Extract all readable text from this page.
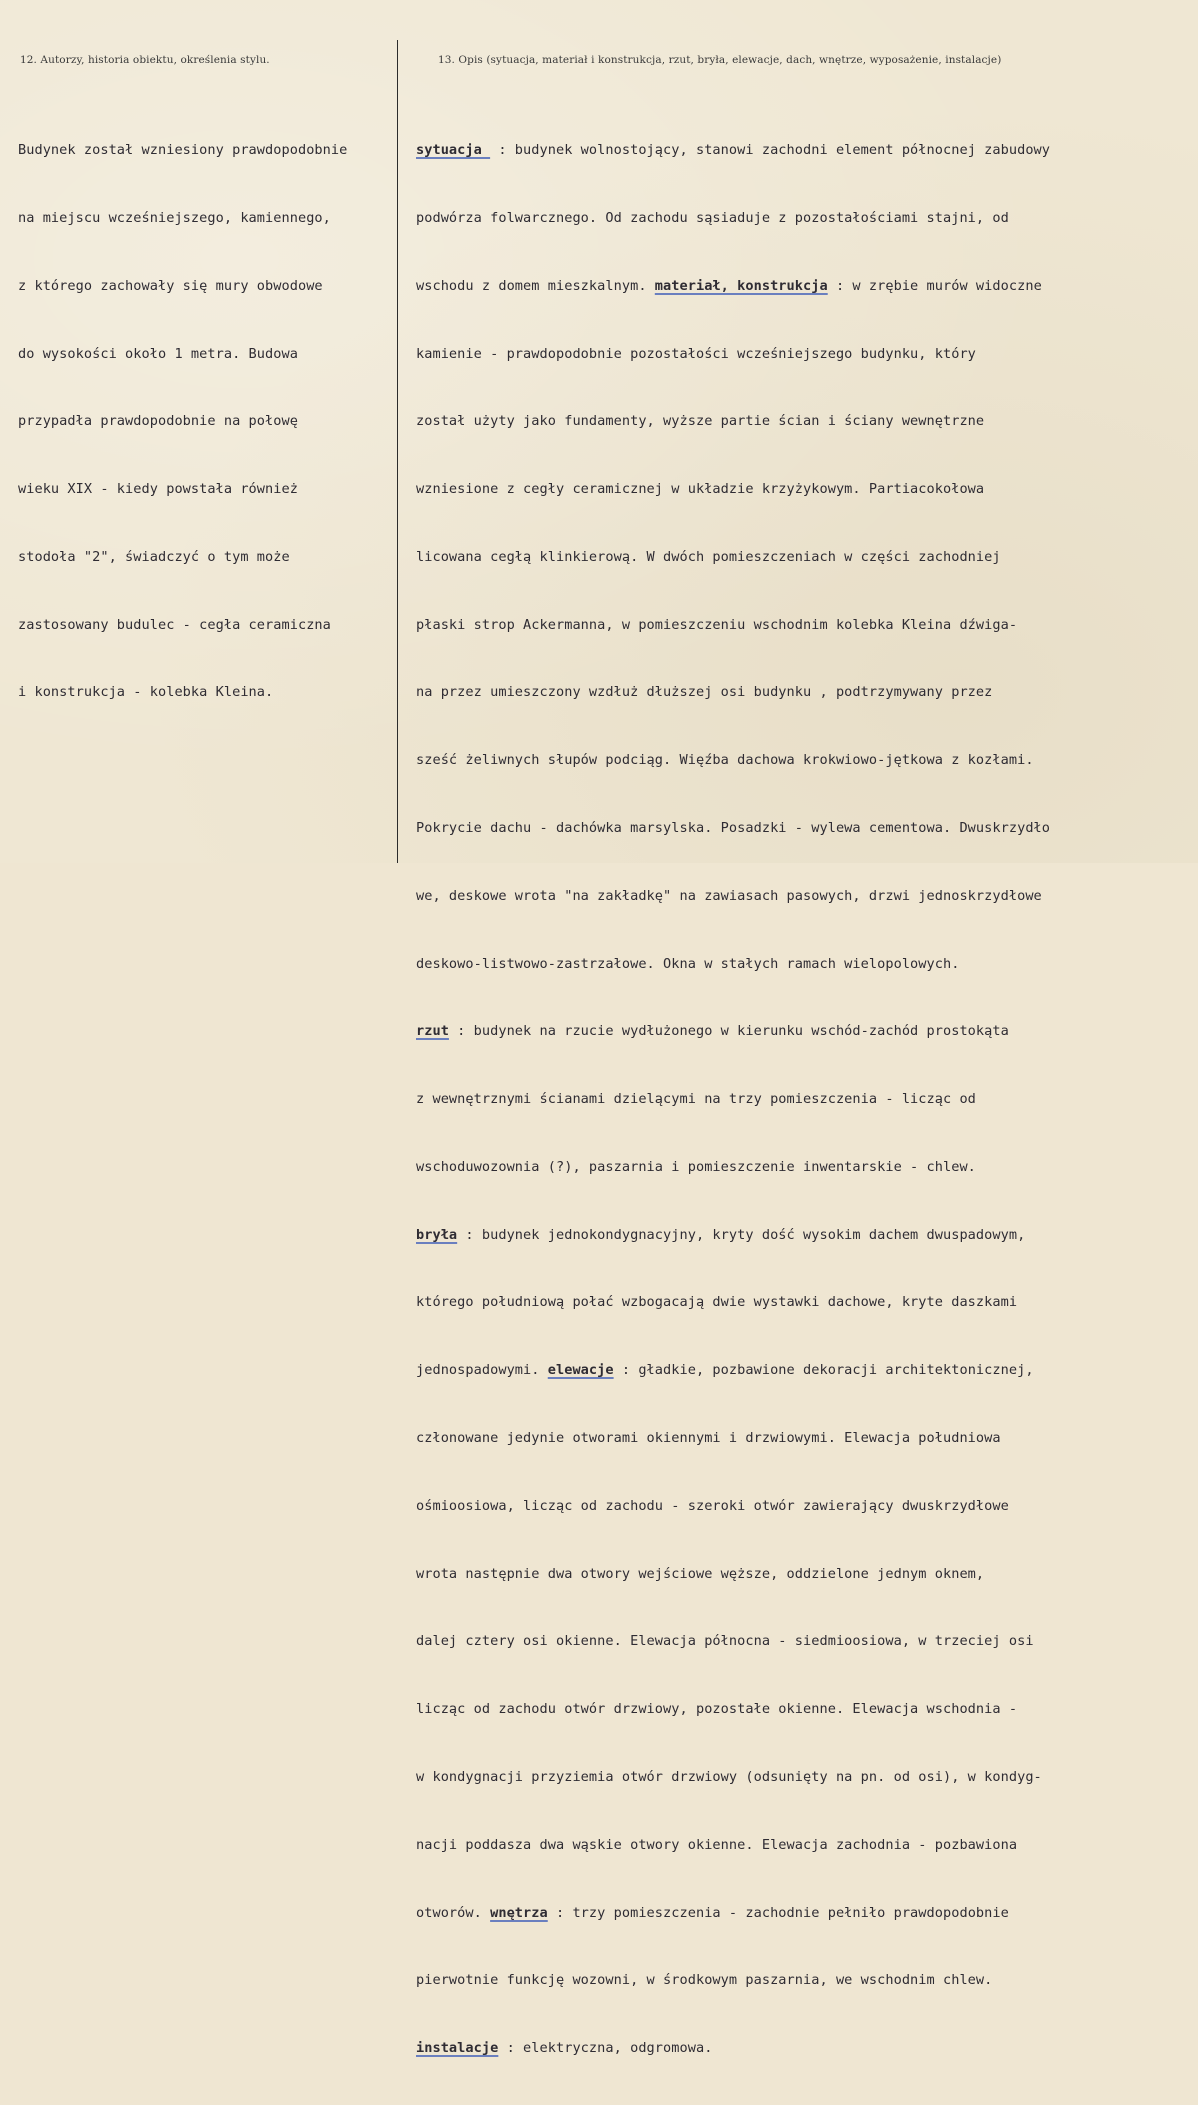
12. Autorzy, historia obiektu, określenia stylu.	13. Opis (sytuacja, materiał i konstrukcja, rzut, bryła, elewacje, dach, wnętrze, wyposażenie, instalacje)

Budynek został wzniesiony prawdopodobnie

na miejscu wcześniejszego, kamiennego,

z którego zachowały się mury obwodowe

do wysokości około 1 metra. Budowa

przypadła prawdopodobnie na połowę

wieku XIX - kiedy powstała również

stodoła "2", świadczyć o tym może

zastosowany budulec - cegła ceramiczna

i konstrukcja - kolebka Kleina.

sytuacja  : budynek wolnostojący, stanowi zachodni element północnej zabudowy

podwórza folwarcznego. Od zachodu sąsiaduje z pozostałościami stajni, od

wschodu z domem mieszkalnym. materiał, konstrukcja : w zrębie murów widoczne

kamienie - prawdopodobnie pozostałości wcześniejszego budynku, który

został użyty jako fundamenty, wyższe partie ścian i ściany wewnętrzne

wzniesione z cegły ceramicznej w układzie krzyżykowym. Partiacokołowa

licowana cegłą klinkierową. W dwóch pomieszczeniach w części zachodniej

płaski strop Ackermanna, w pomieszczeniu wschodnim kolebka Kleina dźwiga-

na przez umieszczony wzdłuż dłuższej osi budynku , podtrzymywany przez

sześć żeliwnych słupów podciąg. Więźba dachowa krokwiowo-jętkowa z kozłami.

Pokrycie dachu - dachówka marsylska. Posadzki - wylewa cementowa. Dwuskrzydło

we, deskowe wrota "na zakładkę" na zawiasach pasowych, drzwi jednoskrzydłowe

deskowo-listwowo-zastrzałowe. Okna w stałych ramach wielopolowych.

rzut : budynek na rzucie wydłużonego w kierunku wschód-zachód prostokąta

z wewnętrznymi ścianami dzielącymi na trzy pomieszczenia - licząc od

wschoduwozownia (?), paszarnia i pomieszczenie inwentarskie - chlew.

bryła : budynek jednokondygnacyjny, kryty dość wysokim dachem dwuspadowym,

którego południową połać wzbogacają dwie wystawki dachowe, kryte daszkami

jednospadowymi. elewacje : gładkie, pozbawione dekoracji architektonicznej,

członowane jedynie otworami okiennymi i drzwiowymi. Elewacja południowa

ośmioosiowa, licząc od zachodu - szeroki otwór zawierający dwuskrzydłowe

wrota następnie dwa otwory wejściowe węższe, oddzielone jednym oknem,

dalej cztery osi okienne. Elewacja północna - siedmioosiowa, w trzeciej osi

licząc od zachodu otwór drzwiowy, pozostałe okienne. Elewacja wschodnia -

w kondygnacji przyziemia otwór drzwiowy (odsunięty na pn. od osi), w kondyg-

nacji poddasza dwa wąskie otwory okienne. Elewacja zachodnia - pozbawiona

otworów. wnętrza : trzy pomieszczenia - zachodnie pełniło prawdopodobnie

pierwotnie funkcję wozowni, w środkowym paszarnia, we wschodnim chlew.

instalacje : elektryczna, odgromowa.
